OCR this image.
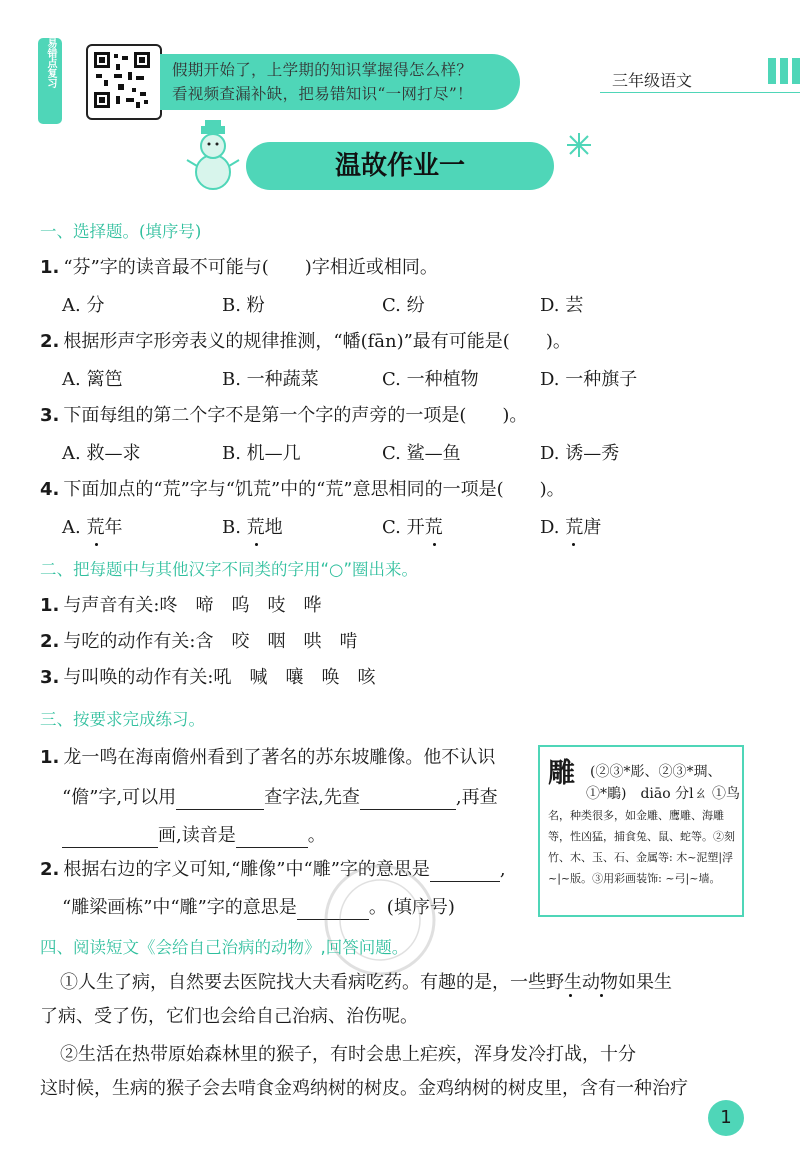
易错点复习	假期开始了，上学期的知识掌握得怎么样？
看视频查漏补缺，把易错知识“一网打尽”！
三年级语文
温故作业一
一、选择题。(填序号)
1. “芬”字的读音最不可能与(　　)字相近或相同。
A. 分	B. 粉	C. 纷	D. 芸
2. 根据形声字形旁表义的规律推测，“幡(fān)”最有可能是(　　)。
A. 篱笆	B. 一种蔬菜	C. 一种植物	D. 一种旗子
3. 下面每组的第二个字不是第一个字的声旁的一项是(　　)。
A. 救—求	B. 机—几	C. 鲨—鱼	D. 诱—秀
4. 下面加点的“荒”字与“饥荒”中的“荒”意思相同的一项是(　　)。
A. 荒年	B. 荒地	C. 开荒	D. 荒唐
二、把每题中与其他汉字不同类的字用“○”圈出来。
1. 与声音有关:咚　啼　呜　吱　哗
2. 与吃的动作有关:含　咬　咽　哄　啃
3. 与叫唤的动作有关:吼　喊　嚷　唤　咳
三、按要求完成练习。
1. 龙一鸣在海南儋州看到了著名的苏东坡雕像。他不认识
“儋”字,可以用	查字法,先查	,再查
画,读音是	。
2. 根据右边的字义可知,“雕像”中“雕”字的意思是	,
“雕梁画栋”中“雕”字的意思是	。(填序号)
雕 (②③*彫、②③*琱、
①*鵰)　diāo 分lㄠ ①鸟
名，种类很多，如金雕、鹰雕、海雕等，性凶猛，捕食兔、鼠、蛇等。②刻竹、木、玉、石、金属等: 木~泥塑|浮~|~版。③用彩画装饰: ~弓|~墙。
四、阅读短文《会给自己治病的动物》,回答问题。
①人生了病，自然要去医院找大夫看病吃药。有趣的是，一些野生动物如果生
了病、受了伤，它们也会给自己治病、治伤呢。
②生活在热带原始森林里的猴子，有时会患上疟疾，浑身发冷打战，十分
这时候，生病的猴子会去啃食金鸡纳树的树皮。金鸡纳树的树皮里，含有一种治疗
1
